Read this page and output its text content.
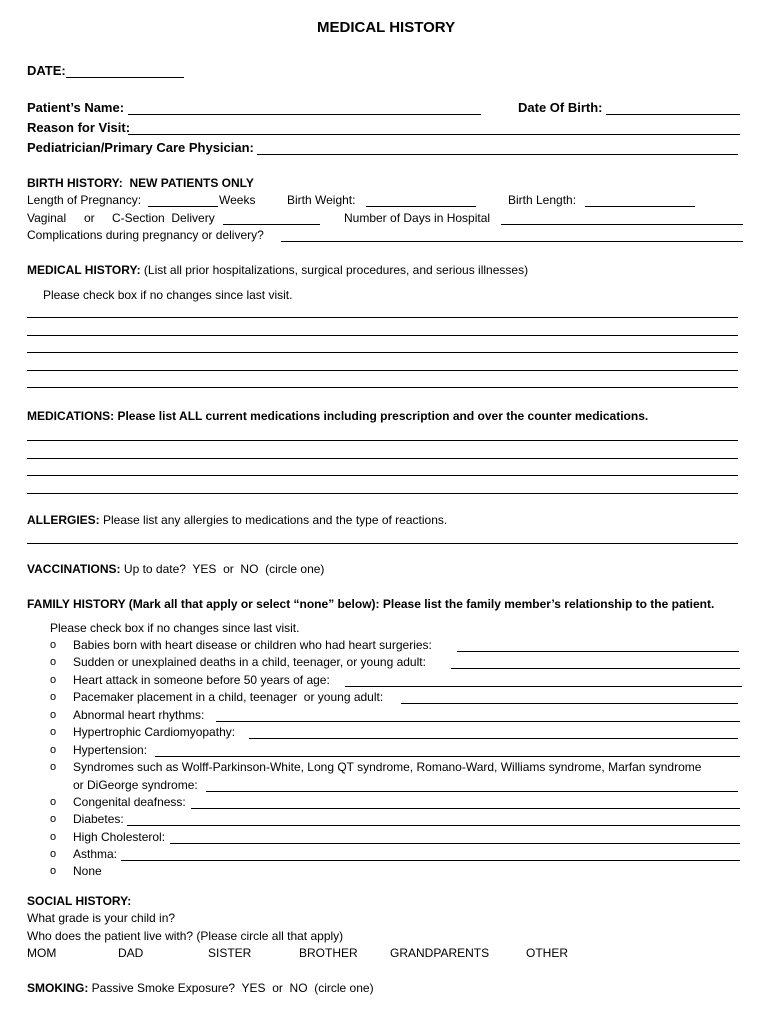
MEDICAL HISTORY
DATE:
Patient’s Name:	Date Of Birth:
Reason for Visit:
Pediatrician/Primary Care Physician:
BIRTH HISTORY:  NEW PATIENTS ONLY
Length of Pregnancy:	Weeks	Birth Weight:	Birth Length:
Vaginal or C-Section  Delivery	Number of Days in Hospital
Complications during pregnancy or delivery?
MEDICAL HISTORY: (List all prior hospitalizations, surgical procedures, and serious illnesses)
Please check box if no changes since last visit.
MEDICATIONS: Please list ALL current medications including prescription and over the counter medications.
ALLERGIES: Please list any allergies to medications and the type of reactions.
VACCINATIONS: Up to date?  YES  or  NO  (circle one)
FAMILY HISTORY (Mark all that apply or select “none” below): Please list the family member’s relationship to the patient.
Please check box if no changes since last visit.
o Babies born with heart disease or children who had heart surgeries:
o Sudden or unexplained deaths in a child, teenager, or young adult:
o Heart attack in someone before 50 years of age:
o Pacemaker placement in a child, teenager  or young adult:
o Abnormal heart rhythms:
o Hypertrophic Cardiomyopathy:
o Hypertension:
o Syndromes such as Wolff-Parkinson-White, Long QT syndrome, Romano-Ward, Williams syndrome, Marfan syndrome
or DiGeorge syndrome:
o Congenital deafness:
o Diabetes:
o High Cholesterol:
o Asthma:
o None
SOCIAL HISTORY:
What grade is your child in?
Who does the patient live with? (Please circle all that apply)
MOM	DAD	SISTER	BROTHER	GRANDPARENTS	OTHER
SMOKING: Passive Smoke Exposure?  YES  or  NO  (circle one)
